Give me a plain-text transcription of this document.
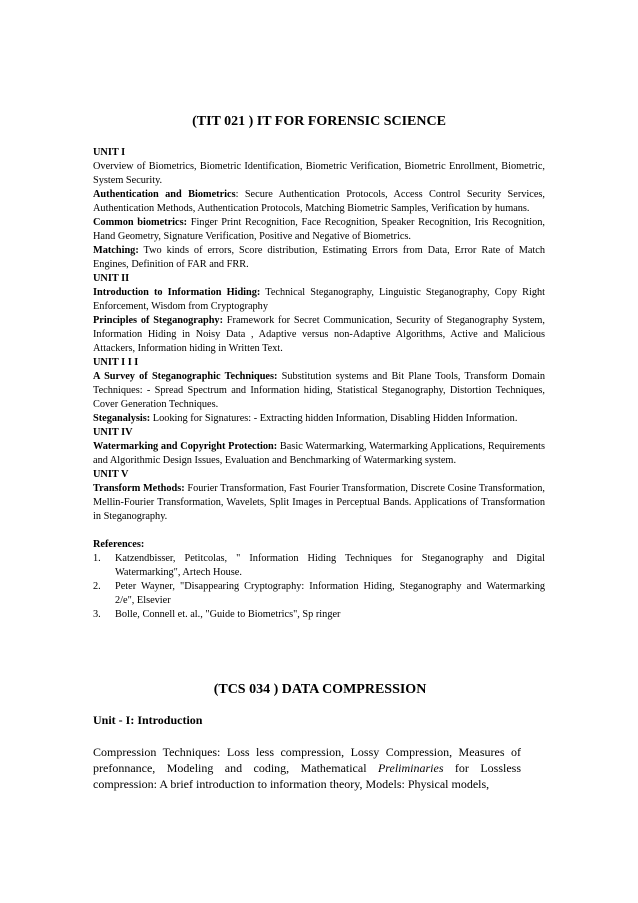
(TIT 021 ) IT FOR FORENSIC SCIENCE

UNIT I

Overview of Biometrics, Biometric Identification, Biometric Verification, Biometric Enrollment, Biometric, System Security.

Authentication and Biometrics: Secure Authentication Protocols, Access Control Security Services, Authentication Methods, Authentication Protocols, Matching Biometric Samples, Verification by humans.

Common biometrics: Finger Print Recognition, Face Recognition, Speaker Recognition, Iris Recognition, Hand Geometry, Signature Verification, Positive and Negative of Biometrics.

Matching: Two kinds of errors, Score distribution, Estimating Errors from Data, Error Rate of Match Engines, Definition of FAR and FRR.

UNIT II

Introduction to Information Hiding: Technical Steganography, Linguistic Steganography, Copy Right Enforcement, Wisdom from Cryptography

Principles of Steganography: Framework for Secret Communication, Security of Steganography System, Information Hiding in Noisy Data , Adaptive versus non-Adaptive Algorithms, Active and Malicious Attackers, Information hiding in Written Text.

UNIT I I I

A Survey of Steganographic Techniques: Substitution systems and Bit Plane Tools, Transform Domain Techniques: - Spread Spectrum and Information hiding, Statistical Steganography, Distortion Techniques, Cover Generation Techniques.

Steganalysis: Looking for Signatures: - Extracting hidden Information, Disabling Hidden Information.

UNIT IV

Watermarking and Copyright Protection: Basic Watermarking, Watermarking Applications, Requirements and Algorithmic Design Issues, Evaluation and Benchmarking of Watermarking system.

UNIT V

Transform Methods: Fourier Transformation, Fast Fourier Transformation, Discrete Cosine Transformation, Mellin-Fourier Transformation, Wavelets, Split Images in Perceptual Bands. Applications of Transformation in Steganography.

References:

1. Katzendbisser, Petitcolas, " Information Hiding Techniques for Steganography and Digital Watermarking", Artech House.
2. Peter Wayner, "Disappearing Cryptography: Information Hiding, Steganography and Watermarking 2/e", Elsevier
3. Bolle, Connell et. al., "Guide to Biometrics", Sp ringer
(TCS 034 ) DATA COMPRESSION

Unit - I: Introduction

Compression Techniques: Loss less compression, Lossy Compression, Measures of prefonnance, Modeling and coding, Mathematical Preliminaries for Lossless compression: A brief introduction to information theory, Models: Physical models,
